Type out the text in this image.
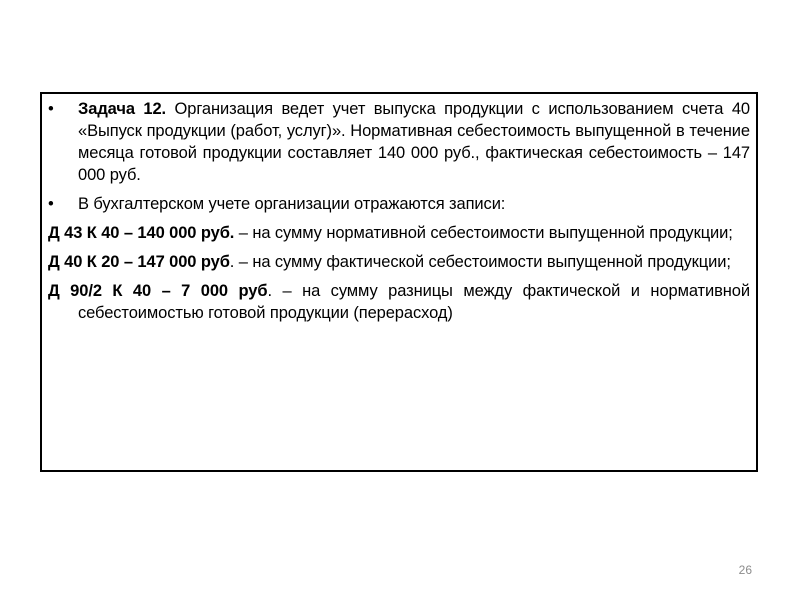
•	Задача 12. Организация ведет учет выпуска продукции с использованием счета 40 «Выпуск продукции (работ, услуг)». Нормативная себестоимость выпущенной в течение месяца готовой продукции составляет 140 000 руб., фактическая себестоимость – 147 000 руб.

•	В бухгалтерском учете организации отражаются записи:

Д 43 К 40 – 140 000 руб. – на сумму нормативной себестоимости выпущенной продукции;

Д 40 К 20 – 147 000 руб. – на сумму фактической себестоимости выпущенной продукции;

Д 90/2 К 40 – 7 000 руб. – на сумму разницы между фактической и нормативной себестоимостью готовой продукции (перерасход)

26
